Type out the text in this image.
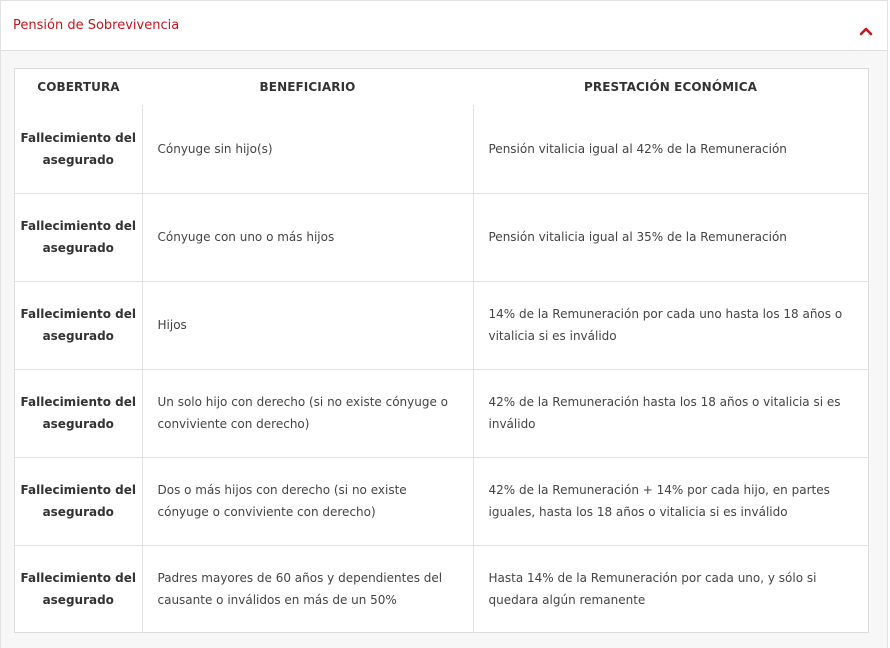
Pensión de Sobrevivencia
COBERTURA	BENEFICIARIO	PRESTACIÓN ECONÓMICA
Fallecimiento del asegurado	Cónyuge sin hijo(s)	Pensión vitalicia igual al 42% de la Remuneración
Fallecimiento del asegurado	Cónyuge con uno o más hijos	Pensión vitalicia igual al 35% de la Remuneración
Fallecimiento del asegurado	Hijos	14% de la Remuneración por cada uno hasta los 18 años o vitalicia si es inválido
Fallecimiento del asegurado	Un solo hijo con derecho (si no existe cónyuge o conviviente con derecho)	42% de la Remuneración hasta los 18 años o vitalicia si es inválido
Fallecimiento del asegurado	Dos o más hijos con derecho (si no existe cónyuge o conviviente con derecho)	42% de la Remuneración + 14% por cada hijo, en partes iguales, hasta los 18 años o vitalicia si es inválido
Fallecimiento del asegurado	Padres mayores de 60 años y dependientes del causante o inválidos en más de un 50%	Hasta 14% de la Remuneración por cada uno, y sólo si quedara algún remanente
